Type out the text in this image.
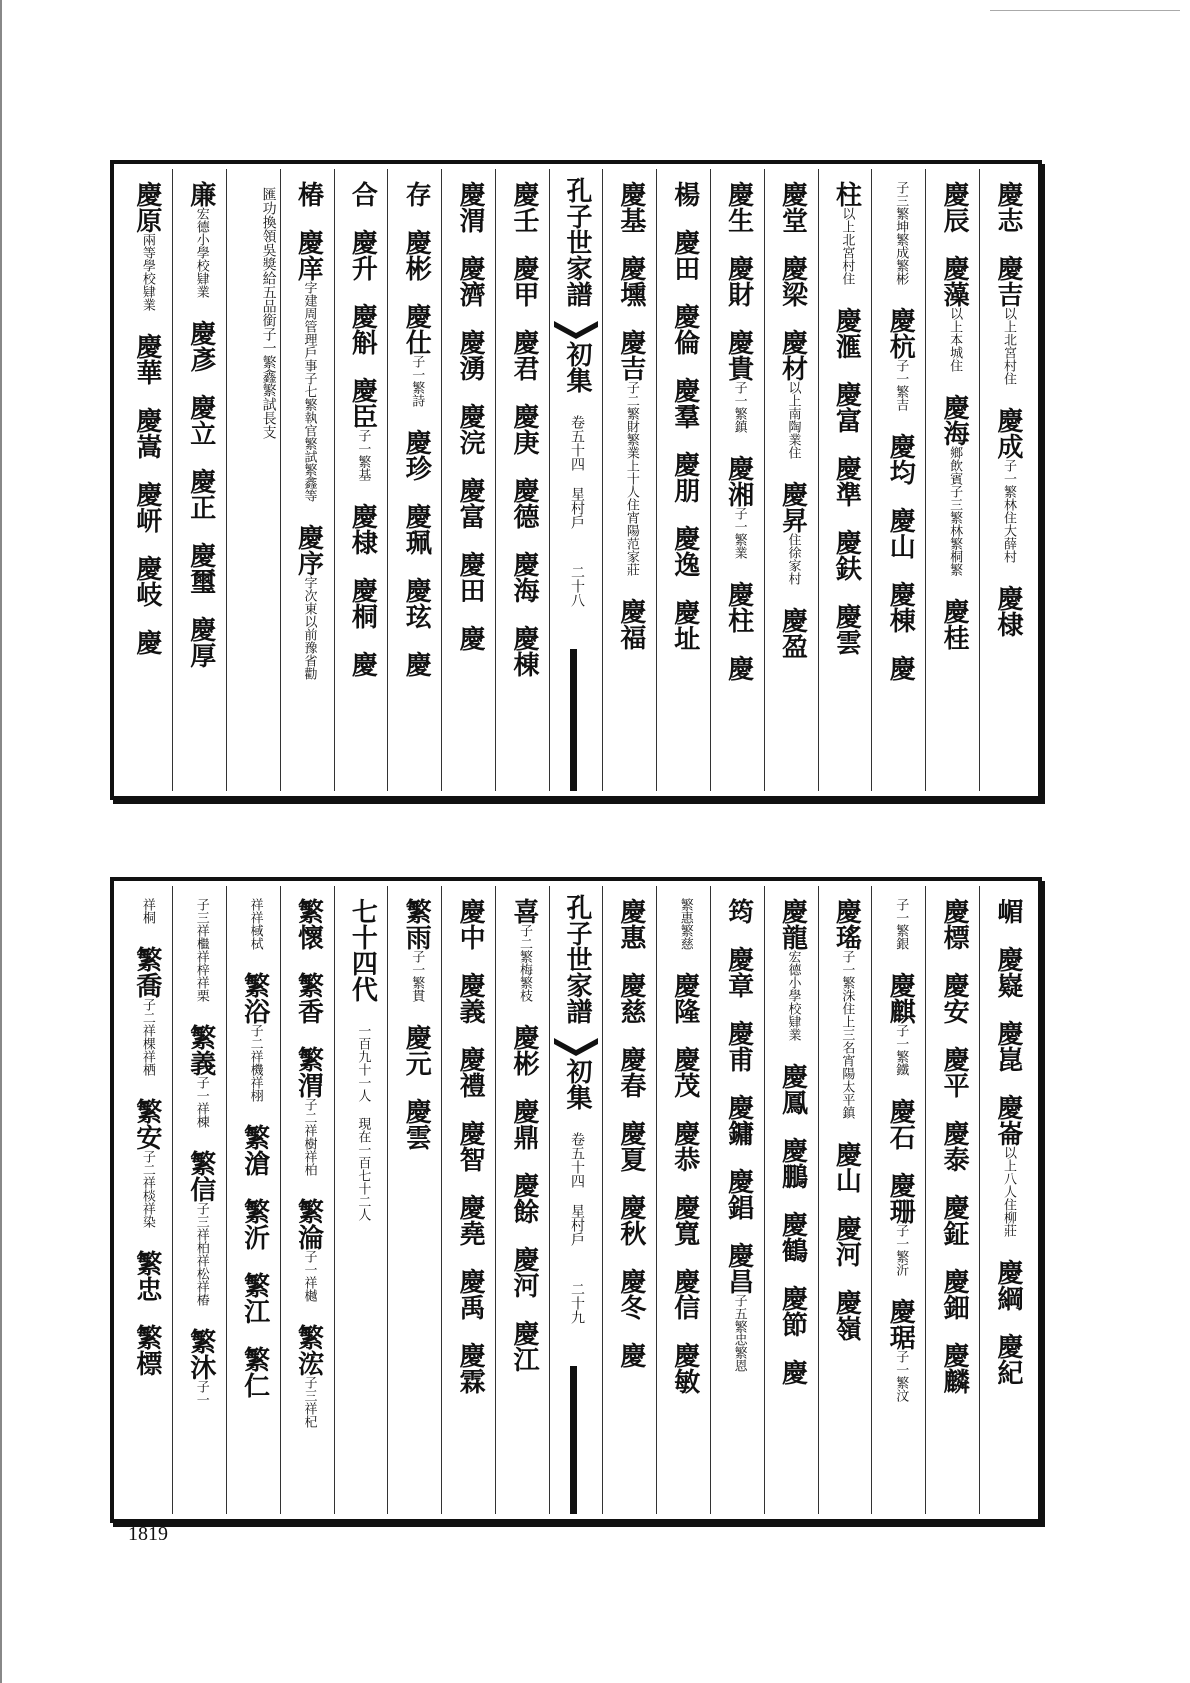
慶志慶吉以上北宮村住慶成子一繁林住大薛村慶棣
慶辰慶藻以上本城住慶海鄉飲賓子三繁林繁桐繁慶桂
子三繁坤繁成繁彬慶杭子一繁吉慶均慶山慶棟慶
柱以上北宮村住慶滙慶富慶準慶鈇慶雲
慶堂慶梁慶材以上南陶業住慶昇住徐家村慶盈
慶生慶財慶貴子一繁鎮慶湘子一繁業慶柱慶
楊慶田慶倫慶羣慶朋慶逸慶址
慶基慶壎慶吉子二繁財繁業上十人住宵陽范家莊慶福
孔子世家譜
初集
卷五十四 星村戶
二十八
慶壬慶甲慶君慶庚慶德慶海慶棟
慶渭慶濟慶湧慶浣慶富慶田慶
存慶彬慶仕子一繁詩慶珍慶珮慶玹慶
合慶升慶斛慶臣子一繁基慶棣慶桐慶
椿慶庠字建周管理戶事子七繁執官繁試繁鑫等慶序字次東以前豫省勸
匯功換領吳獎給五品銜子一繁鑫繁試長支
廉宏德小學校肄業慶彥慶立慶正慶璽慶厚
慶原兩等學校肄業慶華慶嵩慶岍慶岐慶
嵋慶嶷慶崑慶崙以上八人住柳莊慶綱慶紀
慶標慶安慶平慶泰慶鉦慶鈿慶麟
子一繁銀慶麒子一繁鐵慶石慶珊子一繁沂慶琚子一繁汶
慶瑤子一繁洙住上三名宵陽太平鎮慶山慶河慶嶺
慶龍宏德小學校肄業慶鳳慶鵬慶鶴慶節慶
筠慶章慶甫慶鏞慶錩慶昌子五繁忠繁恩
繁惠繁慈慶隆慶茂慶恭慶寬慶信慶敏
慶惠慶慈慶春慶夏慶秋慶冬慶
孔子世家譜
初集
卷五十四 星村戶
二十九
喜子二繁梅繁枝慶彬慶鼎慶餘慶河慶江
慶中慶義慶禮慶智慶堯慶禹慶霖
繁雨子一繁貫慶元慶雲
七十四代一百九十一人 現在一百七十二人
繁懷繁香繁渭子二祥樹祥柏繁淪子一祥樾繁浤子三祥杞
祥祥棫栻繁浴子二祥機祥栩繁滄繁沂繁江繁仁
子三祥檵祥梓祥栗繁義子一祥棟繁信子三祥柏祥松祥椿繁沐子一
祥桐繁喬子二祥棵祥栖繁安子二祥棪祥染繁忠繁標
1819
